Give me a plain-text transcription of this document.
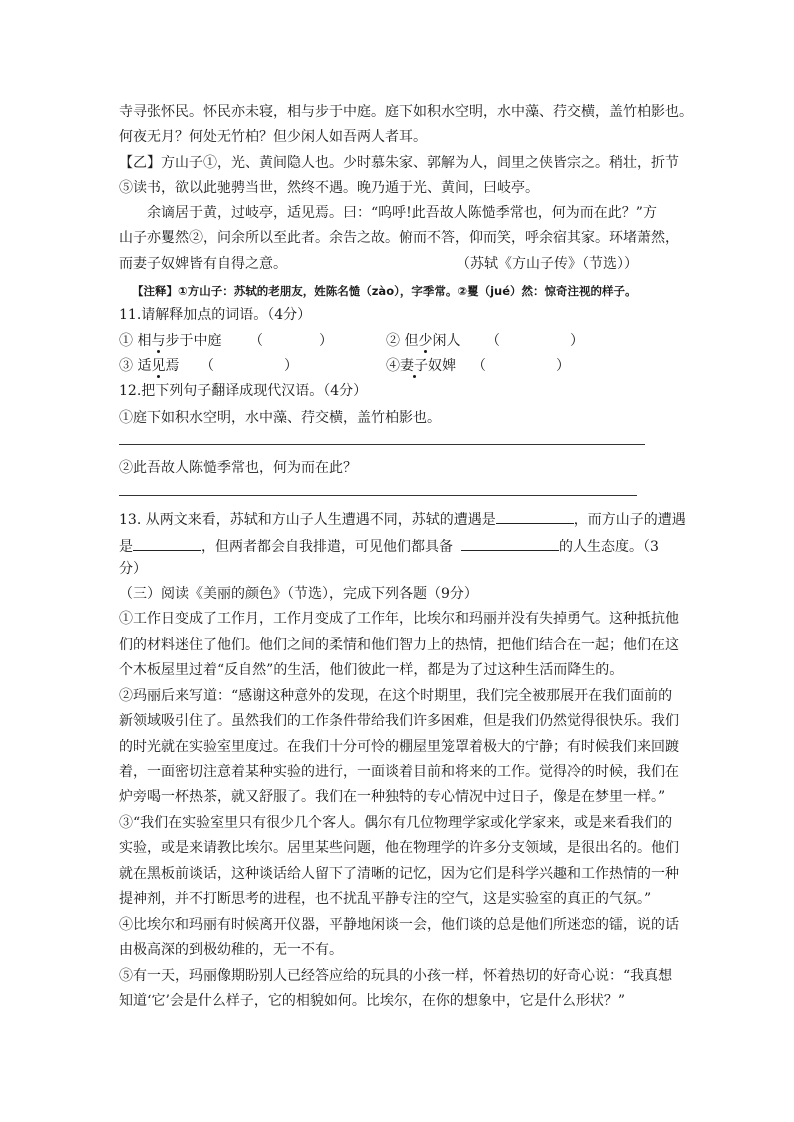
寺寻张怀民。怀民亦未寝，相与步于中庭。庭下如积水空明，水中藻、荇交横，盖竹柏影也。
何夜无月？何处无竹柏？但少闲人如吾两人者耳。
【乙】方山子①，光、黄间隐人也。少时慕朱家、郭解为人，闾里之侠皆宗之。稍壮，折节
⑤读书，欲以此驰骋当世，然终不遇。晚乃遁于光、黄间，曰岐亭。
余谪居于黄，过岐亭，适见焉。曰：“呜呼!此吾故人陈慥季常也，何为而在此？”方
山子亦矍然②，问余所以至此者。余告之故。俯而不答，仰而笑，呼余宿其家。环堵萧然，
而妻子奴婢皆有自得之意。	（苏轼《方山子传》（节选））
【注释】①方山子：苏轼的老朋友，姓陈名慥（zào），字季常。②矍（jué）然：惊奇注视的样子。
11.请解释加点的词语。（4分）
① 相与步于中庭 （　　　　）	② 但少闲人 （　　　　　）
③ 适见焉 （　　　　　）	④妻子奴婢 （　　　　　）
12.把下列句子翻译成现代汉语。（4分）
①庭下如积水空明，水中藻、荇交横，盖竹柏影也。
②此吾故人陈慥季常也，何为而在此？
13. 从两文来看，苏轼和方山子人生遭遇不同，苏轼的遭遇是	，而方山子的遭遇
是	，但两者都会自我排遣，可见他们都具备	的人生态度。（3
分）
（三）阅读《美丽的颜色》（节选），完成下列各题（9分）
①工作日变成了工作月，工作月变成了工作年，比埃尔和玛丽并没有失掉勇气。这种抵抗他
们的材料迷住了他们。他们之间的柔情和他们智力上的热情，把他们结合在一起；他们在这
个木板屋里过着“反自然”的生活，他们彼此一样，都是为了过这种生活而降生的。
②玛丽后来写道：“感谢这种意外的发现，在这个时期里，我们完全被那展开在我们面前的
新领域吸引住了。虽然我们的工作条件带给我们许多困难，但是我们仍然觉得很快乐。我们
的时光就在实验室里度过。在我们十分可怜的棚屋里笼罩着极大的宁静；有时候我们来回踱
着，一面密切注意着某种实验的进行，一面谈着目前和将来的工作。觉得冷的时候，我们在
炉旁喝一杯热茶，就又舒服了。我们在一种独特的专心情况中过日子，像是在梦里一样。”
③“我们在实验室里只有很少几个客人。偶尔有几位物理学家或化学家来，或是来看我们的
实验，或是来请教比埃尔。居里某些问题，他在物理学的许多分支领域，是很出名的。他们
就在黑板前谈话，这种谈话给人留下了清晰的记忆，因为它们是科学兴趣和工作热情的一种
提神剂，并不打断思考的进程，也不扰乱平静专注的空气，这是实验室的真正的气氛。”
④比埃尔和玛丽有时候离开仪器，平静地闲谈一会，他们谈的总是他们所迷恋的镭，说的话
由极高深的到极幼稚的，无一不有。
⑤有一天，玛丽像期盼别人已经答应给的玩具的小孩一样，怀着热切的好奇心说：“我真想
知道‘它’会是什么样子，它的相貌如何。比埃尔，在你的想象中，它是什么形状？”
